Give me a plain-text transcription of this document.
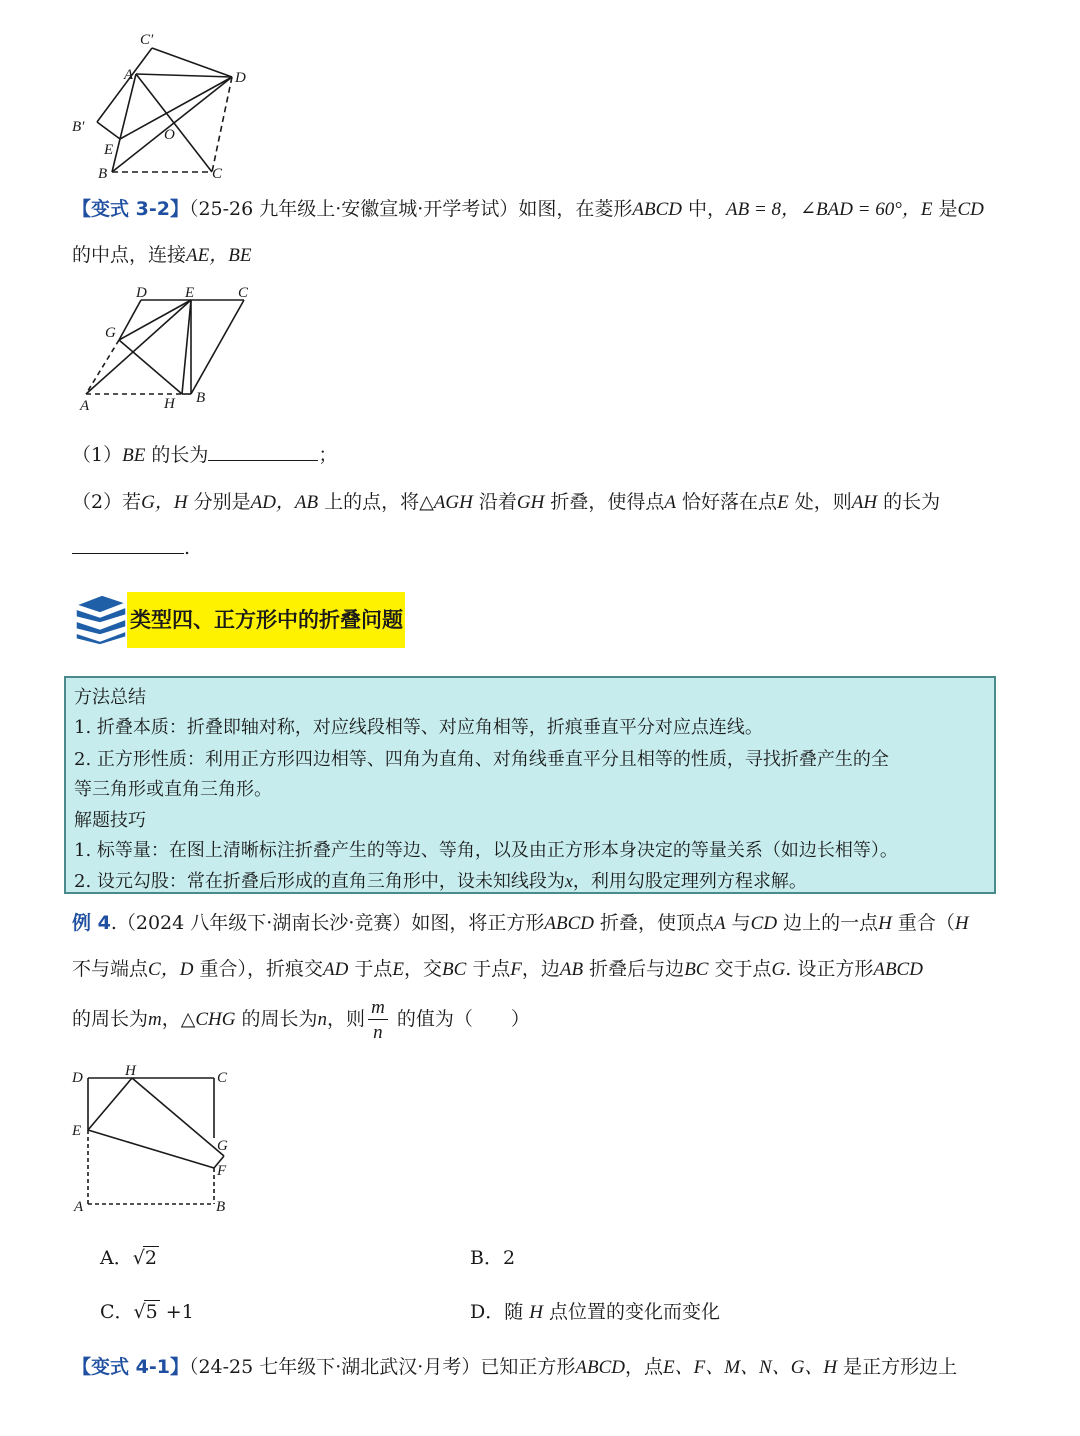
C′
A	D
B′	O
E
B	C
【变式 3-2】（25-26 九年级上·安徽宣城·开学考试）如图，在菱形ABCD 中，AB = 8，∠BAD = 60°，E 是CD
的中点，连接AE，BE
D	E	C
G
A	H B
（1）BE 的长为	；
（2）若G，H 分别是AD，AB 上的点，将△AGH 沿着GH 折叠，使得点A 恰好落在点E 处，则AH 的长为
.
类型四、正方形中的折叠问题
方法总结
1. 折叠本质：折叠即轴对称，对应线段相等、对应角相等，折痕垂直平分对应点连线。
2. 正方形性质：利用正方形四边相等、四角为直角、对角线垂直平分且相等的性质，寻找折叠产生的全
等三角形或直角三角形。
解题技巧
1. 标等量：在图上清晰标注折叠产生的等边、等角，以及由正方形本身决定的等量关系（如边长相等）。
2. 设元勾股：常在折叠后形成的直角三角形中，设未知线段为x，利用勾股定理列方程求解。
例 4.（2024 八年级下·湖南长沙·竞赛）如图，将正方形ABCD 折叠，使顶点A 与CD 边上的一点H 重合（H
不与端点C，D 重合），折痕交AD 于点E，交BC 于点F，边AB 折叠后与边BC 交于点G. 设正方形ABCD
的周长为m，△CHG 的周长为n，则 $\frac{m}{n}$ 的值为（　　）
D	H	C
E
G
F
A	B
A．√2	B．2
C．√5 +1	D．随 H 点位置的变化而变化
【变式 4-1】（24-25 七年级下·湖北武汉·月考）已知正方形ABCD，点E、F、M、N、G、H 是正方形边上
